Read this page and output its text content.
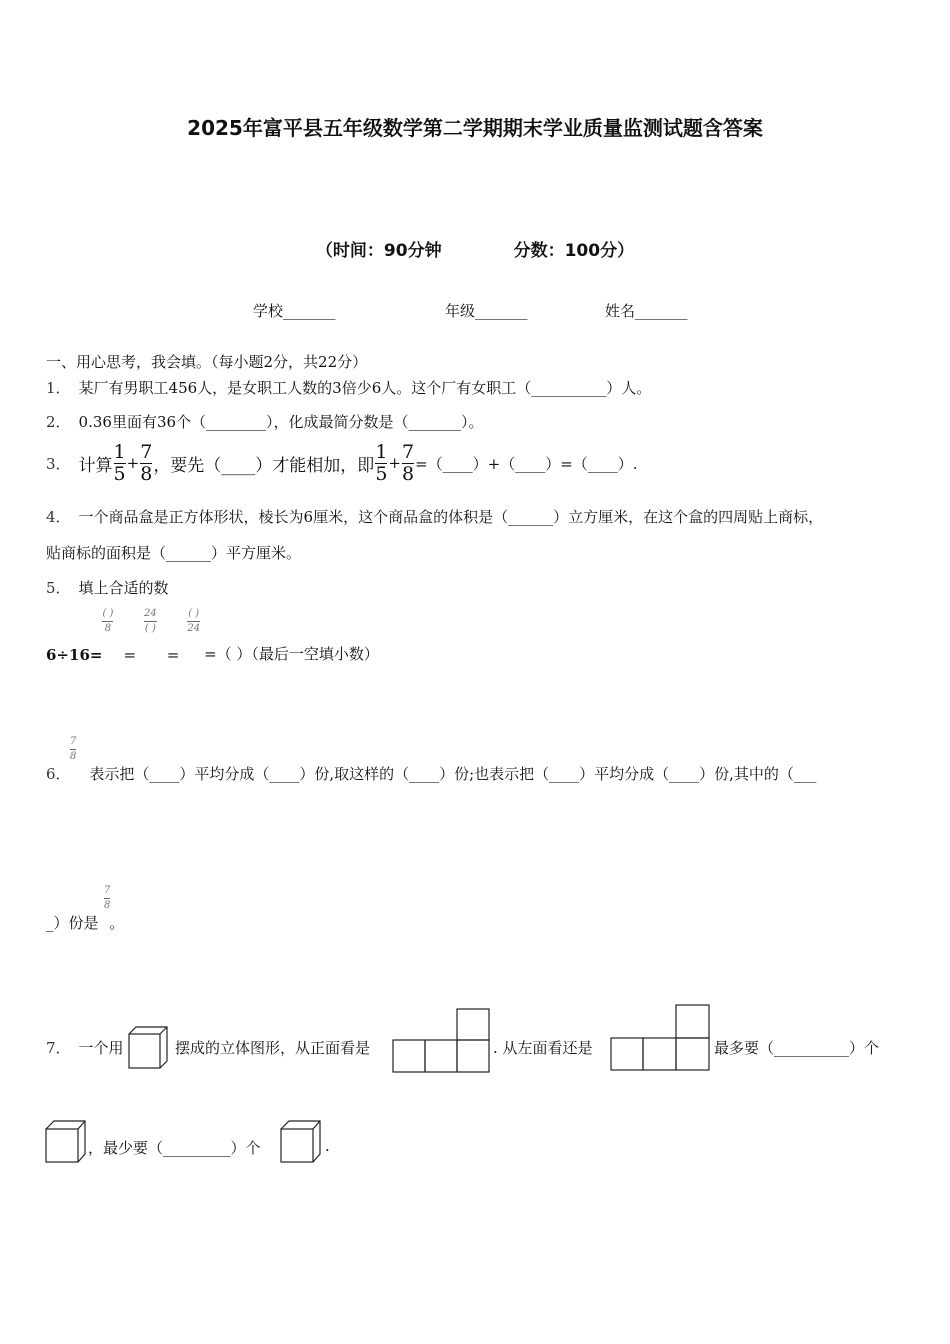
2025年富平县五年级数学第二学期期末学业质量监测试题含答案
（时间：90分钟	分数：100分）
学校_______	年级_______	姓名_______
一、用心思考，我会填。（每小题2分，共22分）
1． 某厂有男职工456人，是女职工人数的3倍少6人。这个厂有女职工（__________）人。
2． 0.36里面有36个（________），化成最简分数是（_______）。
3． 计算 $\frac{1}{5} + \frac{7}{8}$ ，要先（____）才能相加，即 $\frac{1}{5} + \frac{7}{8}$ =（____）+（____）=（____）.
4． 一个商品盒是正方体形状，棱长为6厘米，这个商品盒的体积是（______）立方厘米，在这个盒的四周贴上商标，
贴商标的面积是（______）平方厘米。
5． 填上合适的数
6÷16=
( )
8
=
24
( )
=
( )
24
=（ ）（最后一空填小数）
6．
7
8
表示把（____）平均分成（____）份,取这样的（____）份;也表示把（____）平均分成（____）份,其中的（___
_）份是
7
8
。
7． 一个用	摆成的立体图形，从正面看是	. 从左面看还是	最多要（__________）个
，最少要（_________）个	.
